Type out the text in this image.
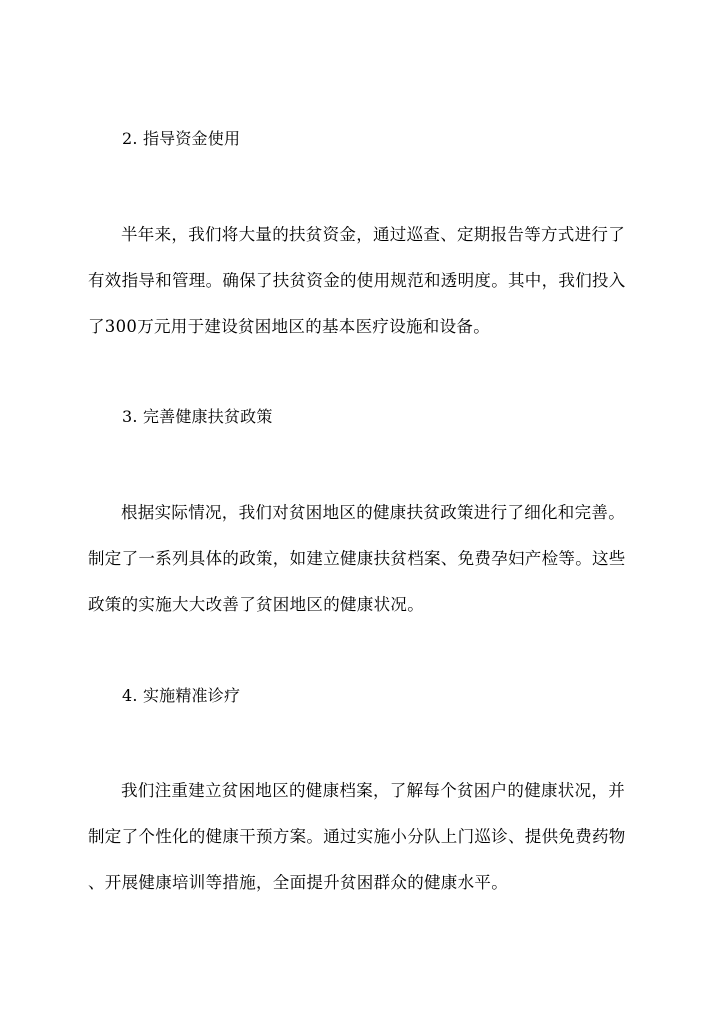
2. 指导资金使用
半年来，我们将大量的扶贫资金，通过巡查、定期报告等方式进行了
有效指导和管理。确保了扶贫资金的使用规范和透明度。其中，我们投入
了300万元用于建设贫困地区的基本医疗设施和设备。
3. 完善健康扶贫政策
根据实际情况，我们对贫困地区的健康扶贫政策进行了细化和完善。
制定了一系列具体的政策，如建立健康扶贫档案、免费孕妇产检等。这些
政策的实施大大改善了贫困地区的健康状况。
4. 实施精准诊疗
我们注重建立贫困地区的健康档案，了解每个贫困户的健康状况，并
制定了个性化的健康干预方案。通过实施小分队上门巡诊、提供免费药物
、开展健康培训等措施，全面提升贫困群众的健康水平。
